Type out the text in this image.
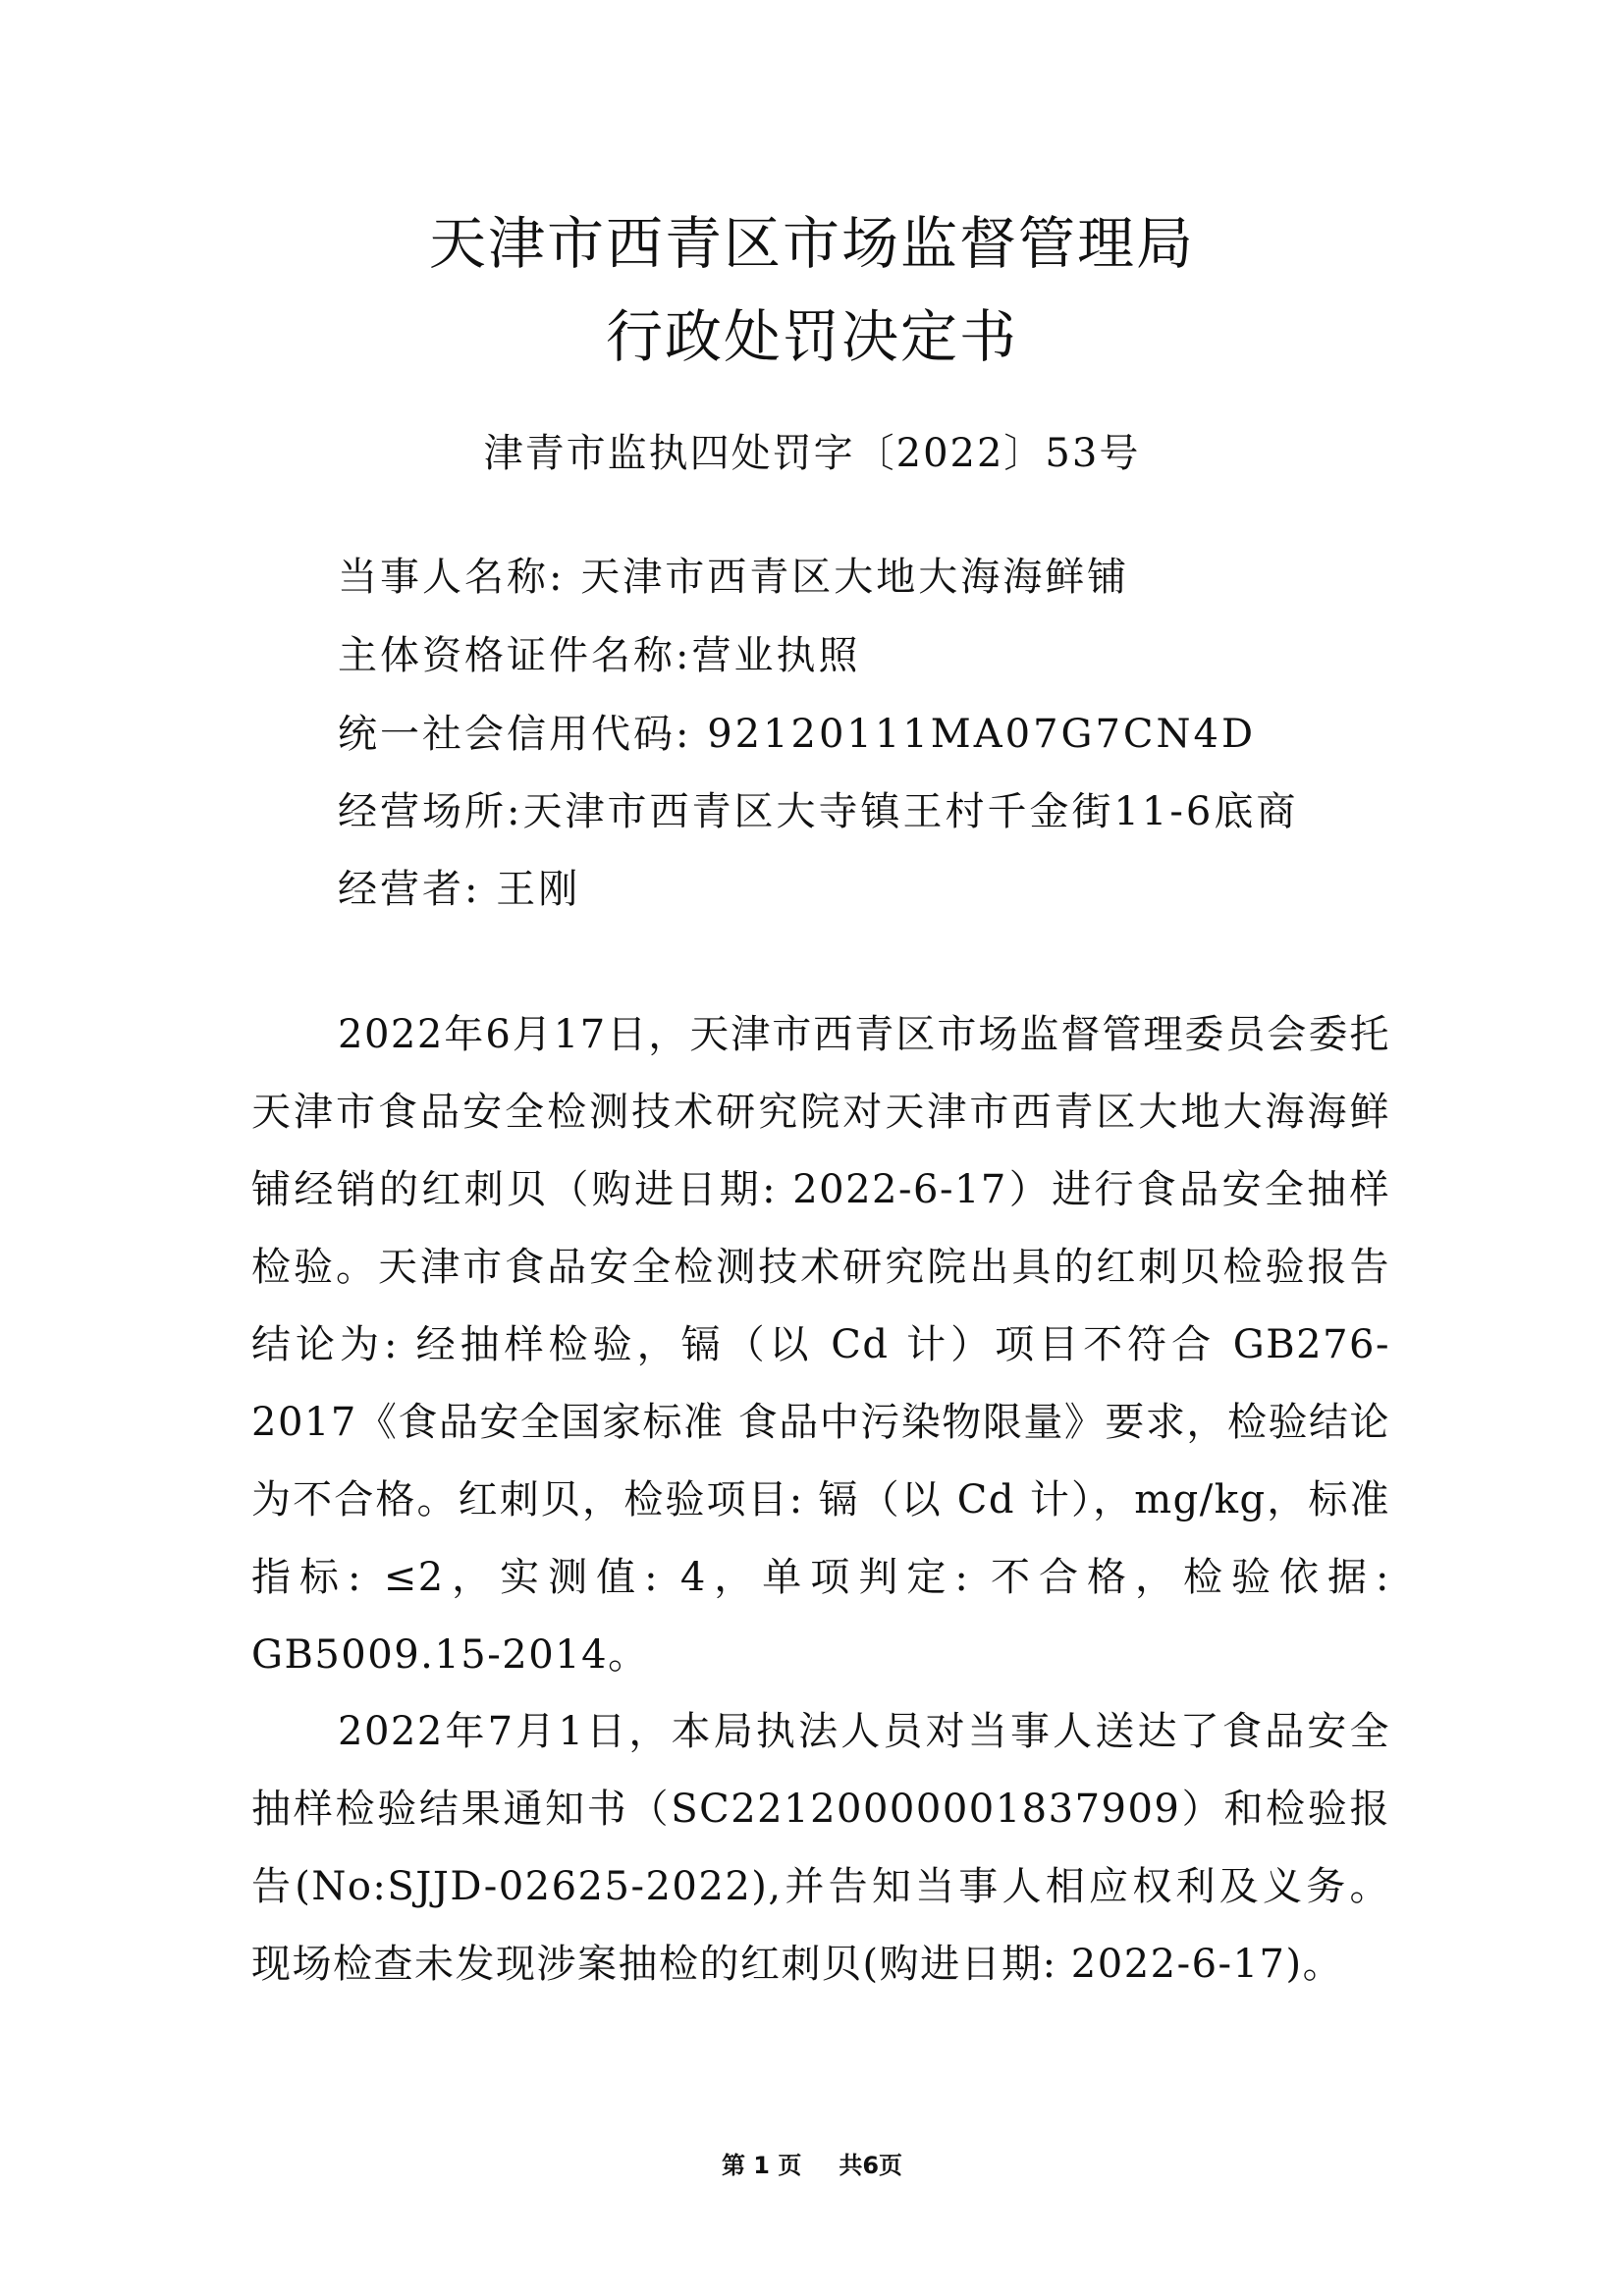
天津市西青区市场监督管理局
行政处罚决定书
津青市监执四处罚字〔2022〕53号
当事人名称: 天津市西青区大地大海海鲜铺
主体资格证件名称:营业执照
统一社会信用代码: 92120111MA07G7CN4D
经营场所:天津市西青区大寺镇王村千金街11-6底商
经营者: 王刚

2022年6月17日，天津市西青区市场监督管理委员会委托天津市食品安全检测技术研究院对天津市西青区大地大海海鲜铺经销的红刺贝（购进日期: 2022-6-17）进行食品安全抽样检验。天津市食品安全检测技术研究院出具的红刺贝检验报告结论为: 经抽样检验，镉（以 Cd 计）项目不符合 GB276-2017《食品安全国家标准 食品中污染物限量》要求，检验结论为不合格。红刺贝，检验项目: 镉（以 Cd 计），mg/kg，标准指标: ≤2，实测值: 4，单项判定: 不合格，检验依据: GB5009.15-2014。

2022年7月1日，本局执法人员对当事人送达了食品安全抽样检验结果通知书（SC22120000001837909）和检验报告(No:SJJD-02625-2022),并告知当事人相应权利及义务。现场检查未发现涉案抽检的红刺贝(购进日期: 2022-6-17)。

第 1 页 共6页
